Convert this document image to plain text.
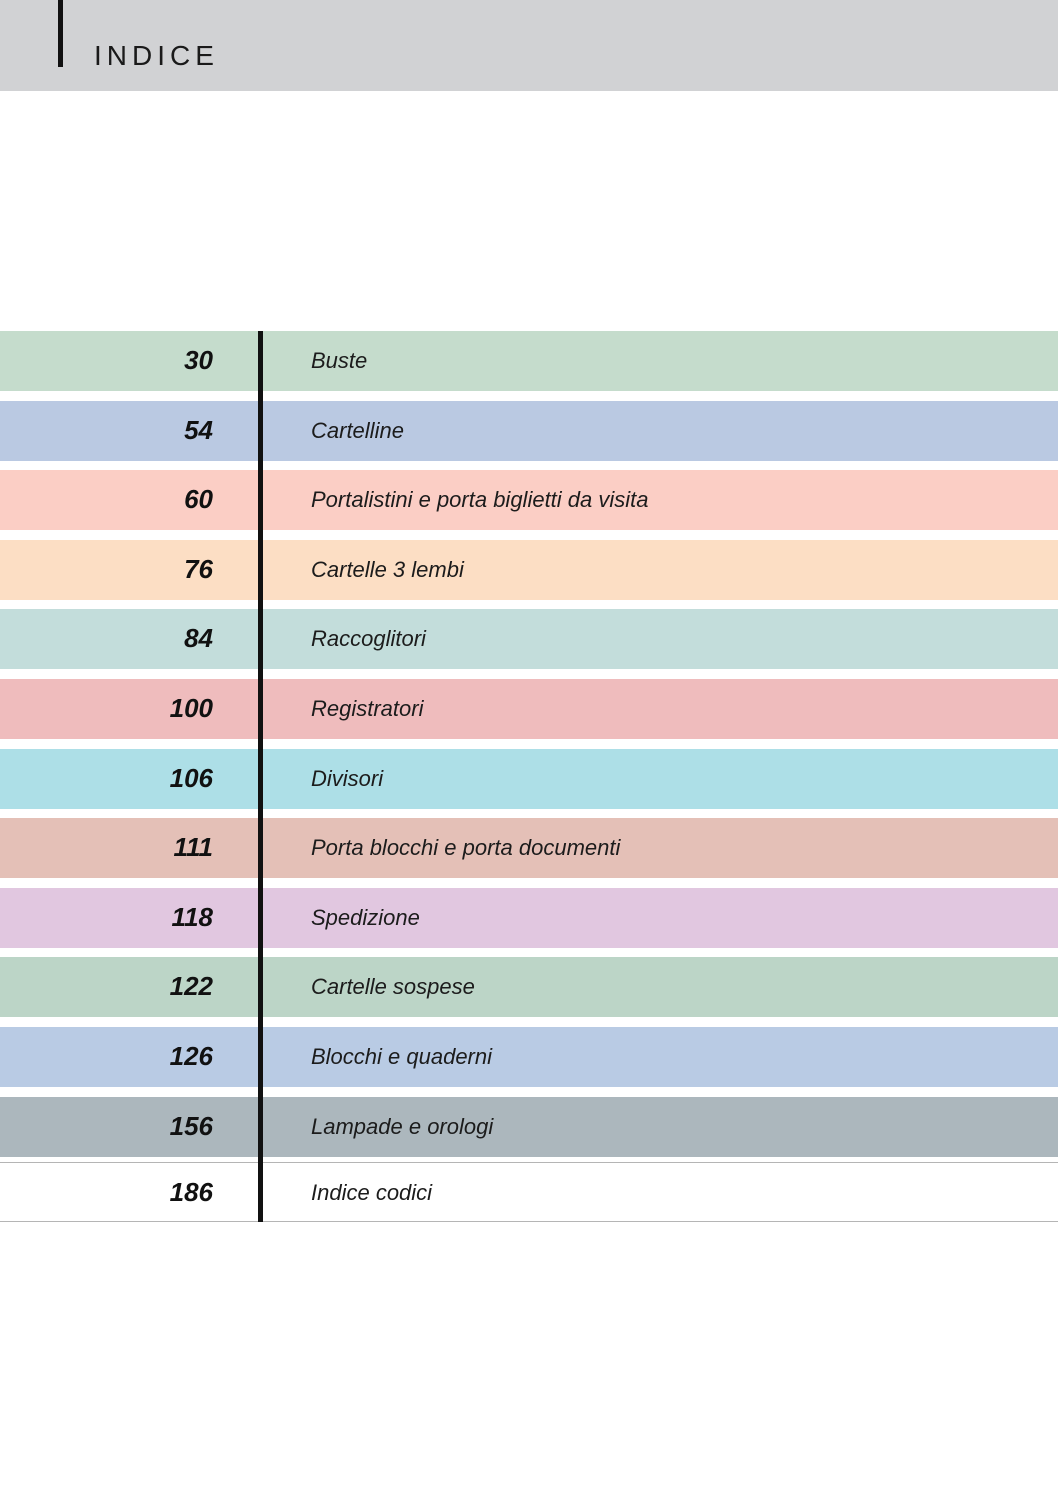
INDICE
30	Buste
54	Cartelline
60	Portalistini e porta biglietti da visita
76	Cartelle 3 lembi
84	Raccoglitori
100	Registratori
106	Divisori
111	Porta blocchi e porta documenti
118	Spedizione
122	Cartelle sospese
126	Blocchi e quaderni
156	Lampade e orologi
186	Indice codici
